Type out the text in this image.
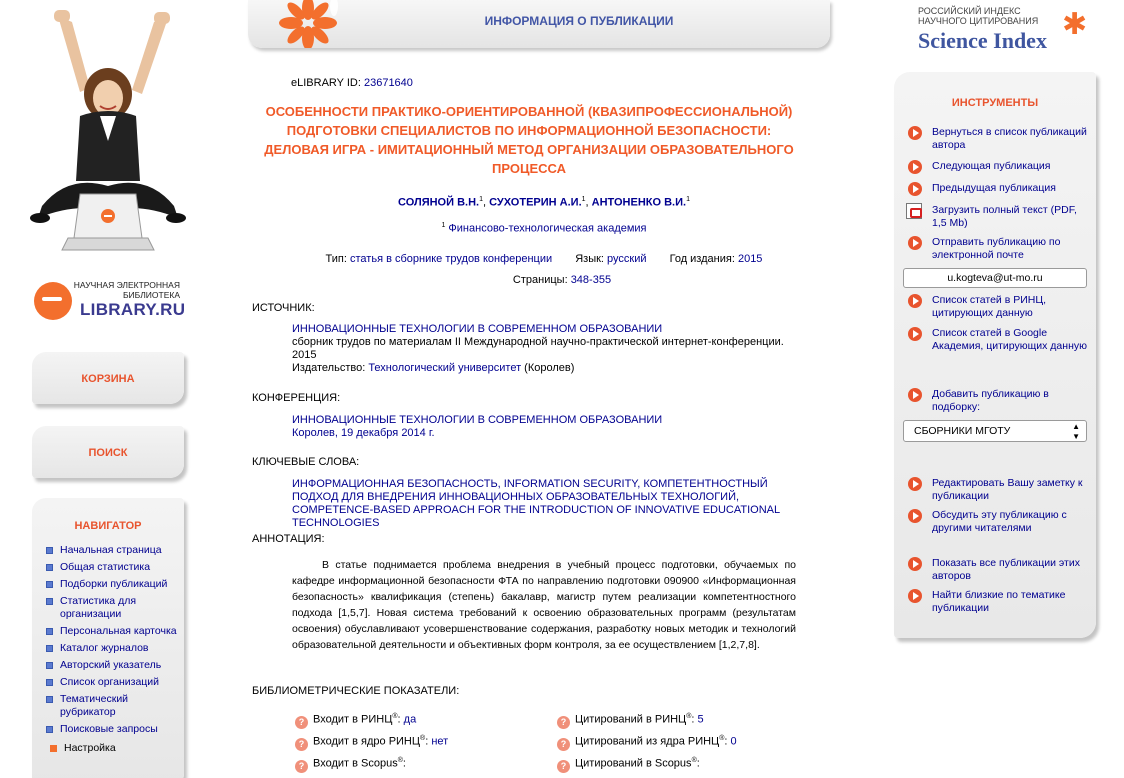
ИНФОРМАЦИЯ О ПУБЛИКАЦИИ
РОССИЙСКИЙ ИНДЕКС
НАУЧНОГО ЦИТИРОВАНИЯ
Science Index ✱
НАУЧНАЯ ЭЛЕКТРОННАЯ
БИБЛИОТЕКА
LIBRARY.RU
КОРЗИНА
ПОИСК
НАВИГАТОР
Начальная страница
Общая статистика
Подборки публикаций
Статистика для организации
Персональная карточка
Каталог журналов
Авторский указатель
Список организаций
Тематический рубрикатор
Поисковые запросы
Настройка
eLIBRARY ID: 23671640
ОСОБЕННОСТИ ПРАКТИКО-ОРИЕНТИРОВАННОЙ (КВАЗИПРОФЕССИОНАЛЬНОЙ) ПОДГОТОВКИ СПЕЦИАЛИСТОВ ПО ИНФОРМАЦИОННОЙ БЕЗОПАСНОСТИ: ДЕЛОВАЯ ИГРА - ИМИТАЦИОННЫЙ МЕТОД ОРГАНИЗАЦИИ ОБРАЗОВАТЕЛЬНОГО ПРОЦЕССА
СОЛЯНОЙ В.Н.$^1$, СУХОТЕРИН А.И.$^1$, АНТОНЕНКО В.И.$^1$
$^1$ Финансово-технологическая академия
Тип: статья в сборнике трудов конференции Язык: русский Год издания: 2015
Страницы: 348-355
ИСТОЧНИК:
ИННОВАЦИОННЫЕ ТЕХНОЛОГИИ В СОВРЕМЕННОМ ОБРАЗОВАНИИ
сборник трудов по материалам II Международной научно-практической интернет-конференции.
2015
Издательство: Технологический университет (Королев)
КОНФЕРЕНЦИЯ:
ИННОВАЦИОННЫЕ ТЕХНОЛОГИИ В СОВРЕМЕННОМ ОБРАЗОВАНИИ
Королев, 19 декабря 2014 г.
КЛЮЧЕВЫЕ СЛОВА:
ИНФОРМАЦИОННАЯ БЕЗОПАСНОСТЬ, INFORMATION SECURITY, КОМПЕТЕНТНОСТНЫЙ ПОДХОД ДЛЯ ВНЕДРЕНИЯ ИННОВАЦИОННЫХ ОБРАЗОВАТЕЛЬНЫХ ТЕХНОЛОГИЙ, COMPETENCE-BASED APPROACH FOR THE INTRODUCTION OF INNOVATIVE EDUCATIONAL TECHNOLOGIES
АННОТАЦИЯ:
В статье поднимается проблема внедрения в учебный процесс подготовки, обучаемых по кафедре информационной безопасности ФТА по направлению подготовки 090900 «Информационная безопасность» квалификация (степень) бакалавр, магистр путем реализации компетентностного подхода [1,5,7]. Новая система требований к освоению образовательных программ (результатам освоения) обуславливают усовершенствование содержания, разработку новых методик и технологий образовательной деятельности и объективных форм контроля, за ее осуществлением [1,2,7,8].
БИБЛИОМЕТРИЧЕСКИЕ ПОКАЗАТЕЛИ:
? Входит в РИНЦ®: да
? Входит в ядро РИНЦ®: нет
? Входит в Scopus®:
? Цитирований в РИНЦ®: 5
? Цитирований из ядра РИНЦ®: 0
? Цитирований в Scopus®:
ИНСТРУМЕНТЫ
Вернуться в список публикаций автора
Следующая публикация
Предыдущая публикация
Загрузить полный текст (PDF, 1,5 Mb)
Отправить публикацию по электронной почте
u.kogteva@ut-mo.ru
Список статей в РИНЦ, цитирующих данную
Список статей в Google Академия, цитирующих данную
Добавить публикацию в подборку:
СБОРНИКИ МГОТУ	▲
▼
Редактировать Вашу заметку к публикации
Обсудить эту публикацию с другими читателями
Показать все публикации этих авторов
Найти близкие по тематике публикации
